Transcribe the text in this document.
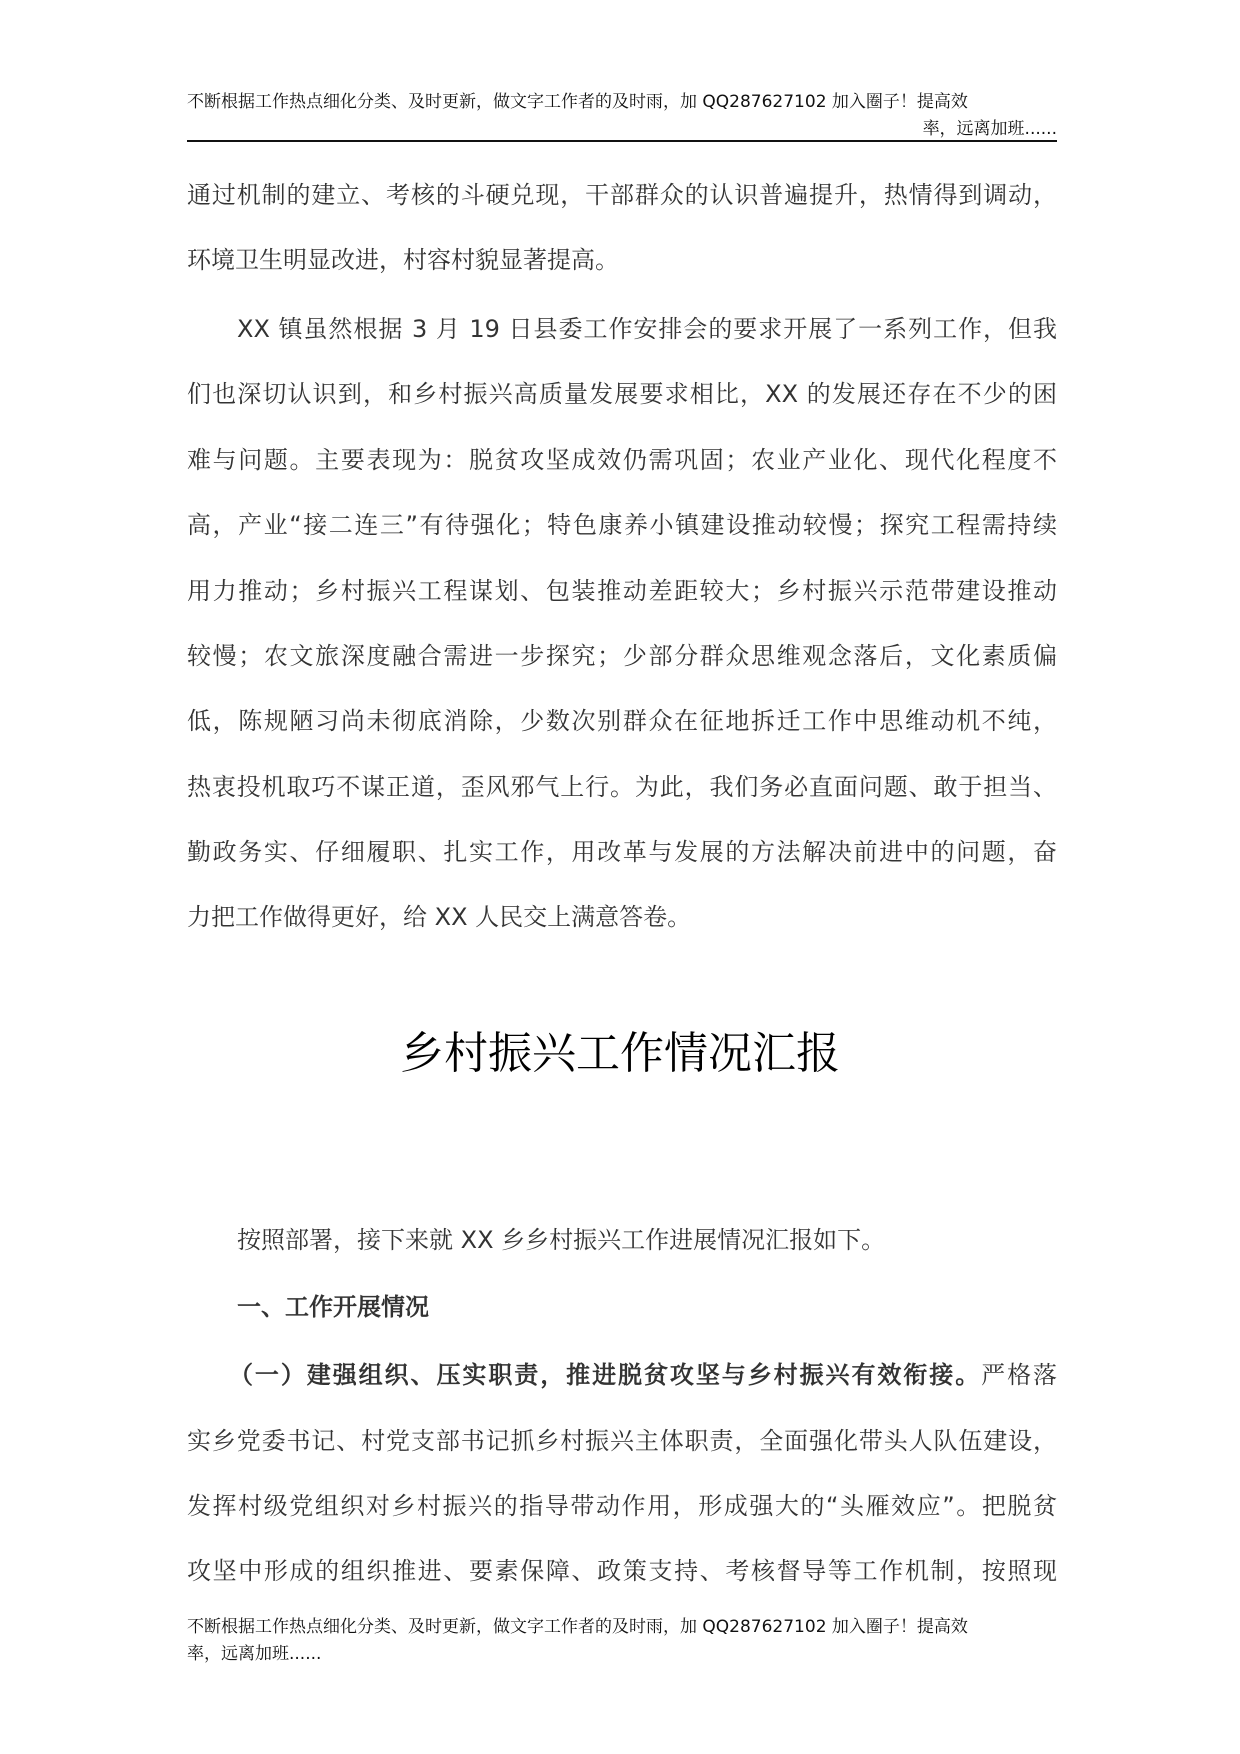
不断根据工作热点细化分类、及时更新，做文字工作者的及时雨，加 QQ287627102 加入圈子！提高效
率，远离加班......
通过机制的建立、考核的斗硬兑现，干部群众的认识普遍提升，热情得到调动，
环境卫生明显改进，村容村貌显著提高。
XX 镇虽然根据 3 月 19 日县委工作安排会的要求开展了一系列工作，但我
们也深切认识到，和乡村振兴高质量发展要求相比，XX 的发展还存在不少的困
难与问题。主要表现为：脱贫攻坚成效仍需巩固；农业产业化、现代化程度不
高，产业“接二连三”有待强化；特色康养小镇建设推动较慢；探究工程需持续
用力推动；乡村振兴工程谋划、包装推动差距较大；乡村振兴示范带建设推动
较慢；农文旅深度融合需进一步探究；少部分群众思维观念落后，文化素质偏
低，陈规陋习尚未彻底消除，少数次别群众在征地拆迁工作中思维动机不纯，
热衷投机取巧不谋正道，歪风邪气上行。为此，我们务必直面问题、敢于担当、
勤政务实、仔细履职、扎实工作，用改革与发展的方法解决前进中的问题，奋
力把工作做得更好，给 XX 人民交上满意答卷。
乡村振兴工作情况汇报
按照部署，接下来就 XX 乡乡村振兴工作进展情况汇报如下。
一、工作开展情况
（一）建强组织、压实职责，推进脱贫攻坚与乡村振兴有效衔接。严格落
实乡党委书记、村党支部书记抓乡村振兴主体职责，全面强化带头人队伍建设，
发挥村级党组织对乡村振兴的指导带动作用，形成强大的“头雁效应”。把脱贫
攻坚中形成的组织推进、要素保障、政策支持、考核督导等工作机制，按照现
不断根据工作热点细化分类、及时更新，做文字工作者的及时雨，加 QQ287627102 加入圈子！提高效
率，远离加班......
